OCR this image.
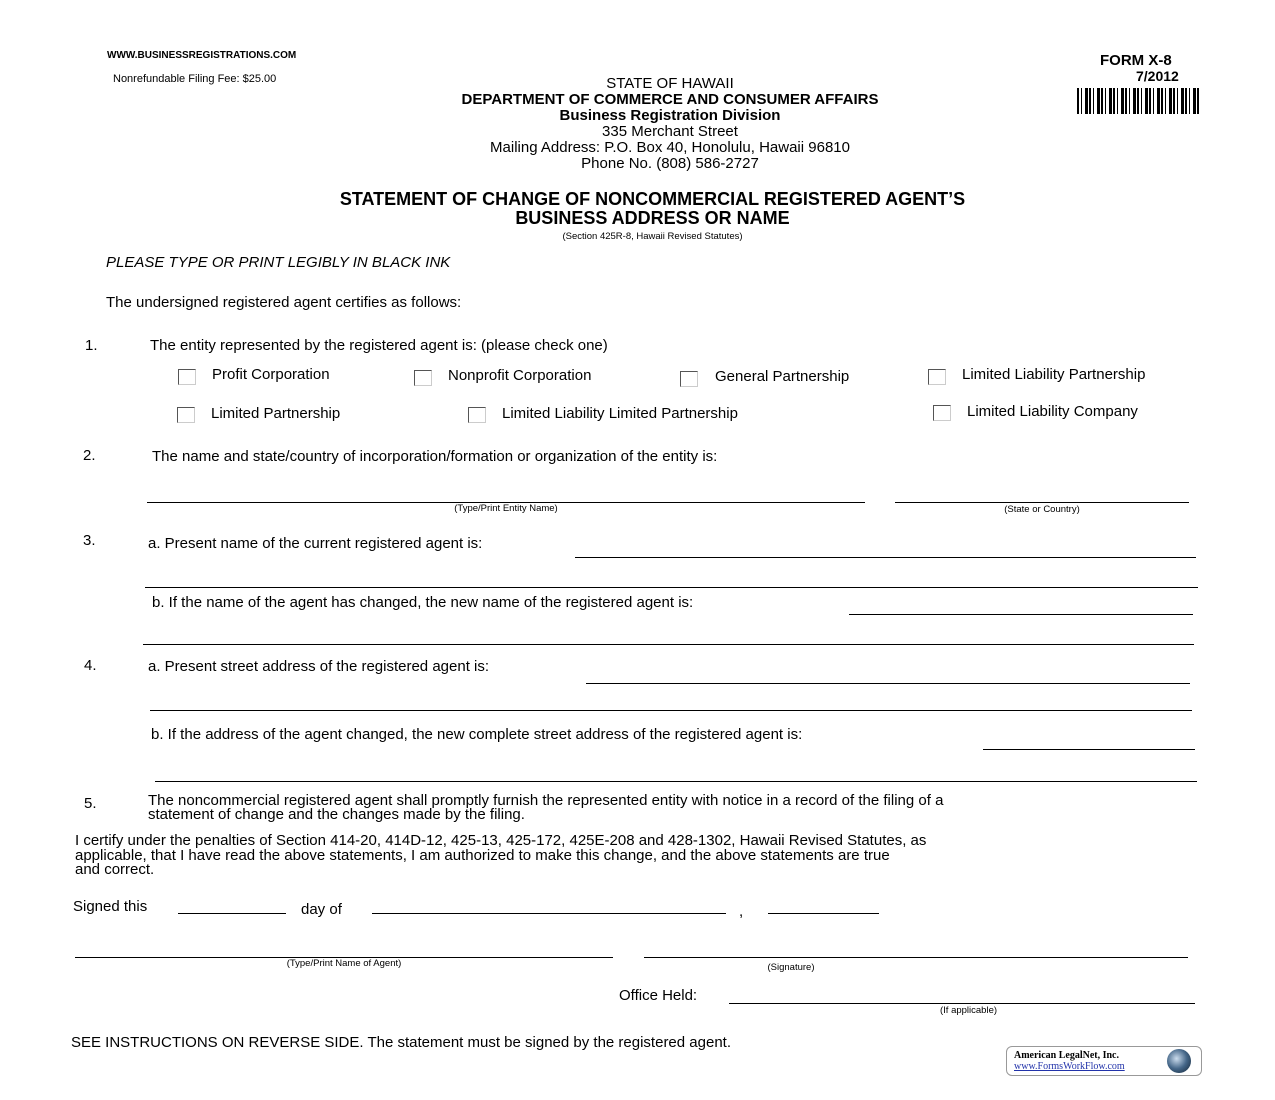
WWW.BUSINESSREGISTRATIONS.COM
Nonrefundable Filing Fee: $25.00
FORM X-8
7/2012
STATE OF HAWAII
DEPARTMENT OF COMMERCE AND CONSUMER AFFAIRS
Business Registration Division
335 Merchant Street
Mailing Address: P.O. Box 40, Honolulu, Hawaii 96810
Phone No. (808) 586-2727
STATEMENT OF CHANGE OF NONCOMMERCIAL REGISTERED AGENT’S
BUSINESS ADDRESS OR NAME
(Section 425R-8, Hawaii Revised Statutes)
PLEASE TYPE OR PRINT LEGIBLY IN BLACK INK
The undersigned registered agent certifies as follows:
1.	The entity represented by the registered agent is: (please check one)
Profit Corporation	Nonprofit Corporation	General Partnership	Limited Liability Partnership
Limited Partnership	Limited Liability Limited Partnership	Limited Liability Company
2.	The name and state/country of incorporation/formation or organization of the entity is:
(Type/Print Entity Name)	(State or Country)
3.	a. Present name of the current registered agent is:
b. If the name of the agent has changed, the new name of the registered agent is:
4.	a. Present street address of the registered agent is:
b. If the address of the agent changed, the new complete street address of the registered agent is:
5.	The noncommercial registered agent shall promptly furnish the represented entity with notice in a record of the filing of a
statement of change and the changes made by the filing.
I certify under the penalties of Section 414-20, 414D-12, 425-13, 425-172, 425E-208 and 428-1302, Hawaii Revised Statutes, as
applicable, that I have read the above statements, I am authorized to make this change, and the above statements are true
and correct.
Signed this	day of	,
(Type/Print Name of Agent)	(Signature)
Office Held:
(If applicable)
SEE INSTRUCTIONS ON REVERSE SIDE. The statement must be signed by the registered agent.
American LegalNet, Inc.
www.FormsWorkFlow.com
